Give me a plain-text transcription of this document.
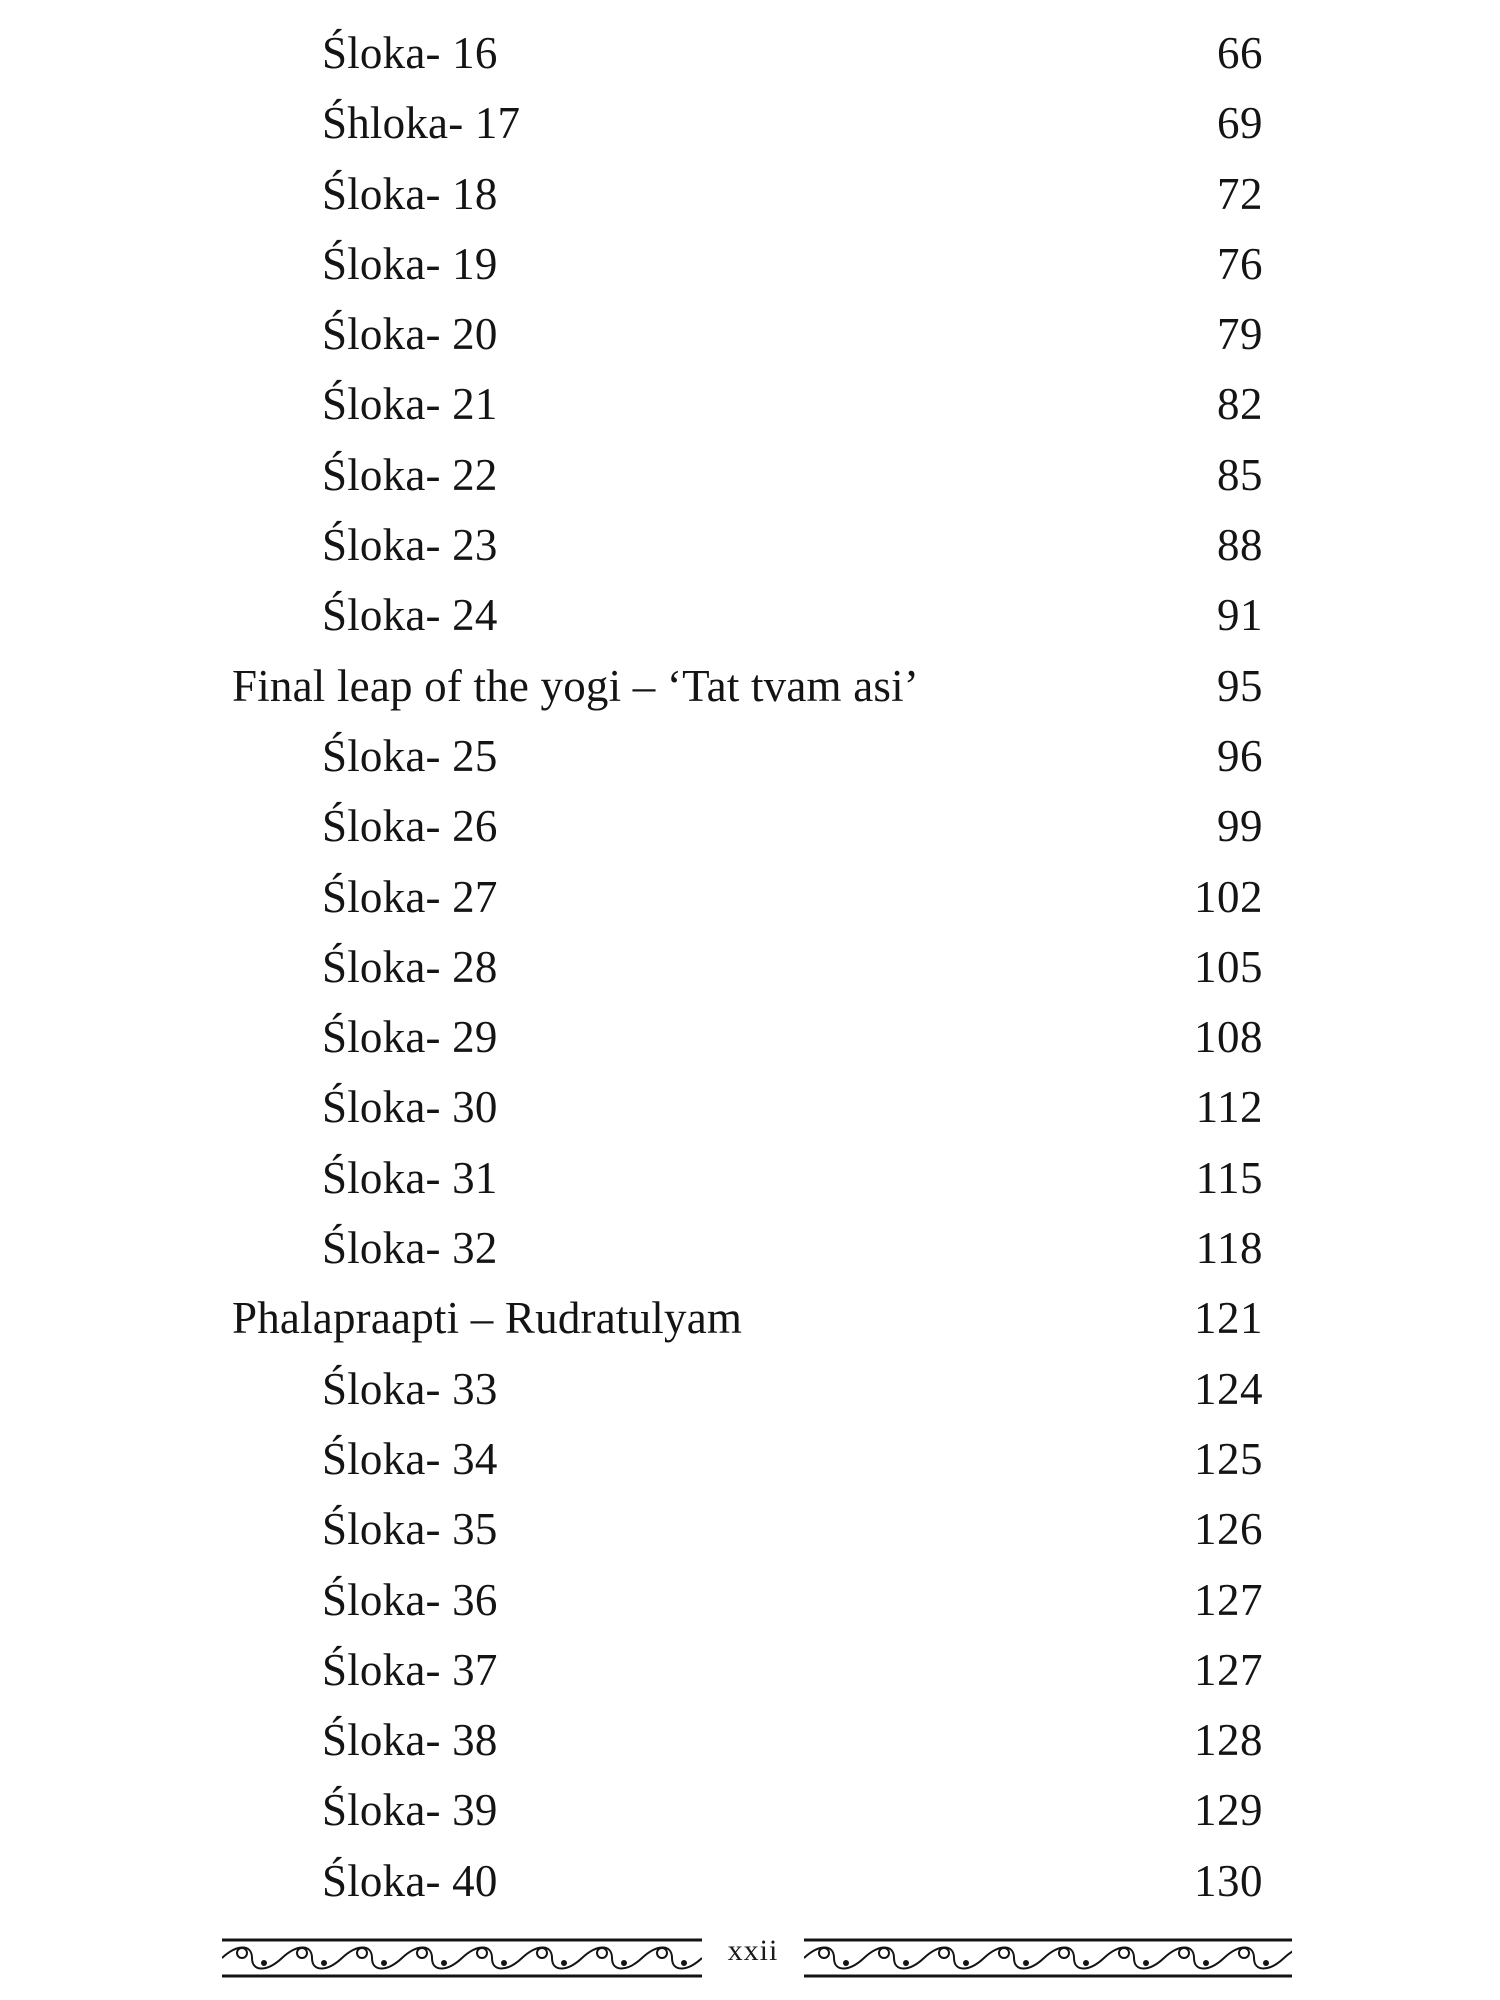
Śloka- 16	66
Śhloka- 17	69
Śloka- 18	72
Śloka- 19	76
Śloka- 20	79
Śloka- 21	82
Śloka- 22	85
Śloka- 23	88
Śloka- 24	91
Final leap of the yogi – ‘Tat tvam asi’	95
Śloka- 25	96
Śloka- 26	99
Śloka- 27	102
Śloka- 28	105
Śloka- 29	108
Śloka- 30	112
Śloka- 31	115
Śloka- 32	118
Phalapraapti – Rudratulyam	121
Śloka- 33	124
Śloka- 34	125
Śloka- 35	126
Śloka- 36	127
Śloka- 37	127
Śloka- 38	128
Śloka- 39	129
Śloka- 40	130
xxii
